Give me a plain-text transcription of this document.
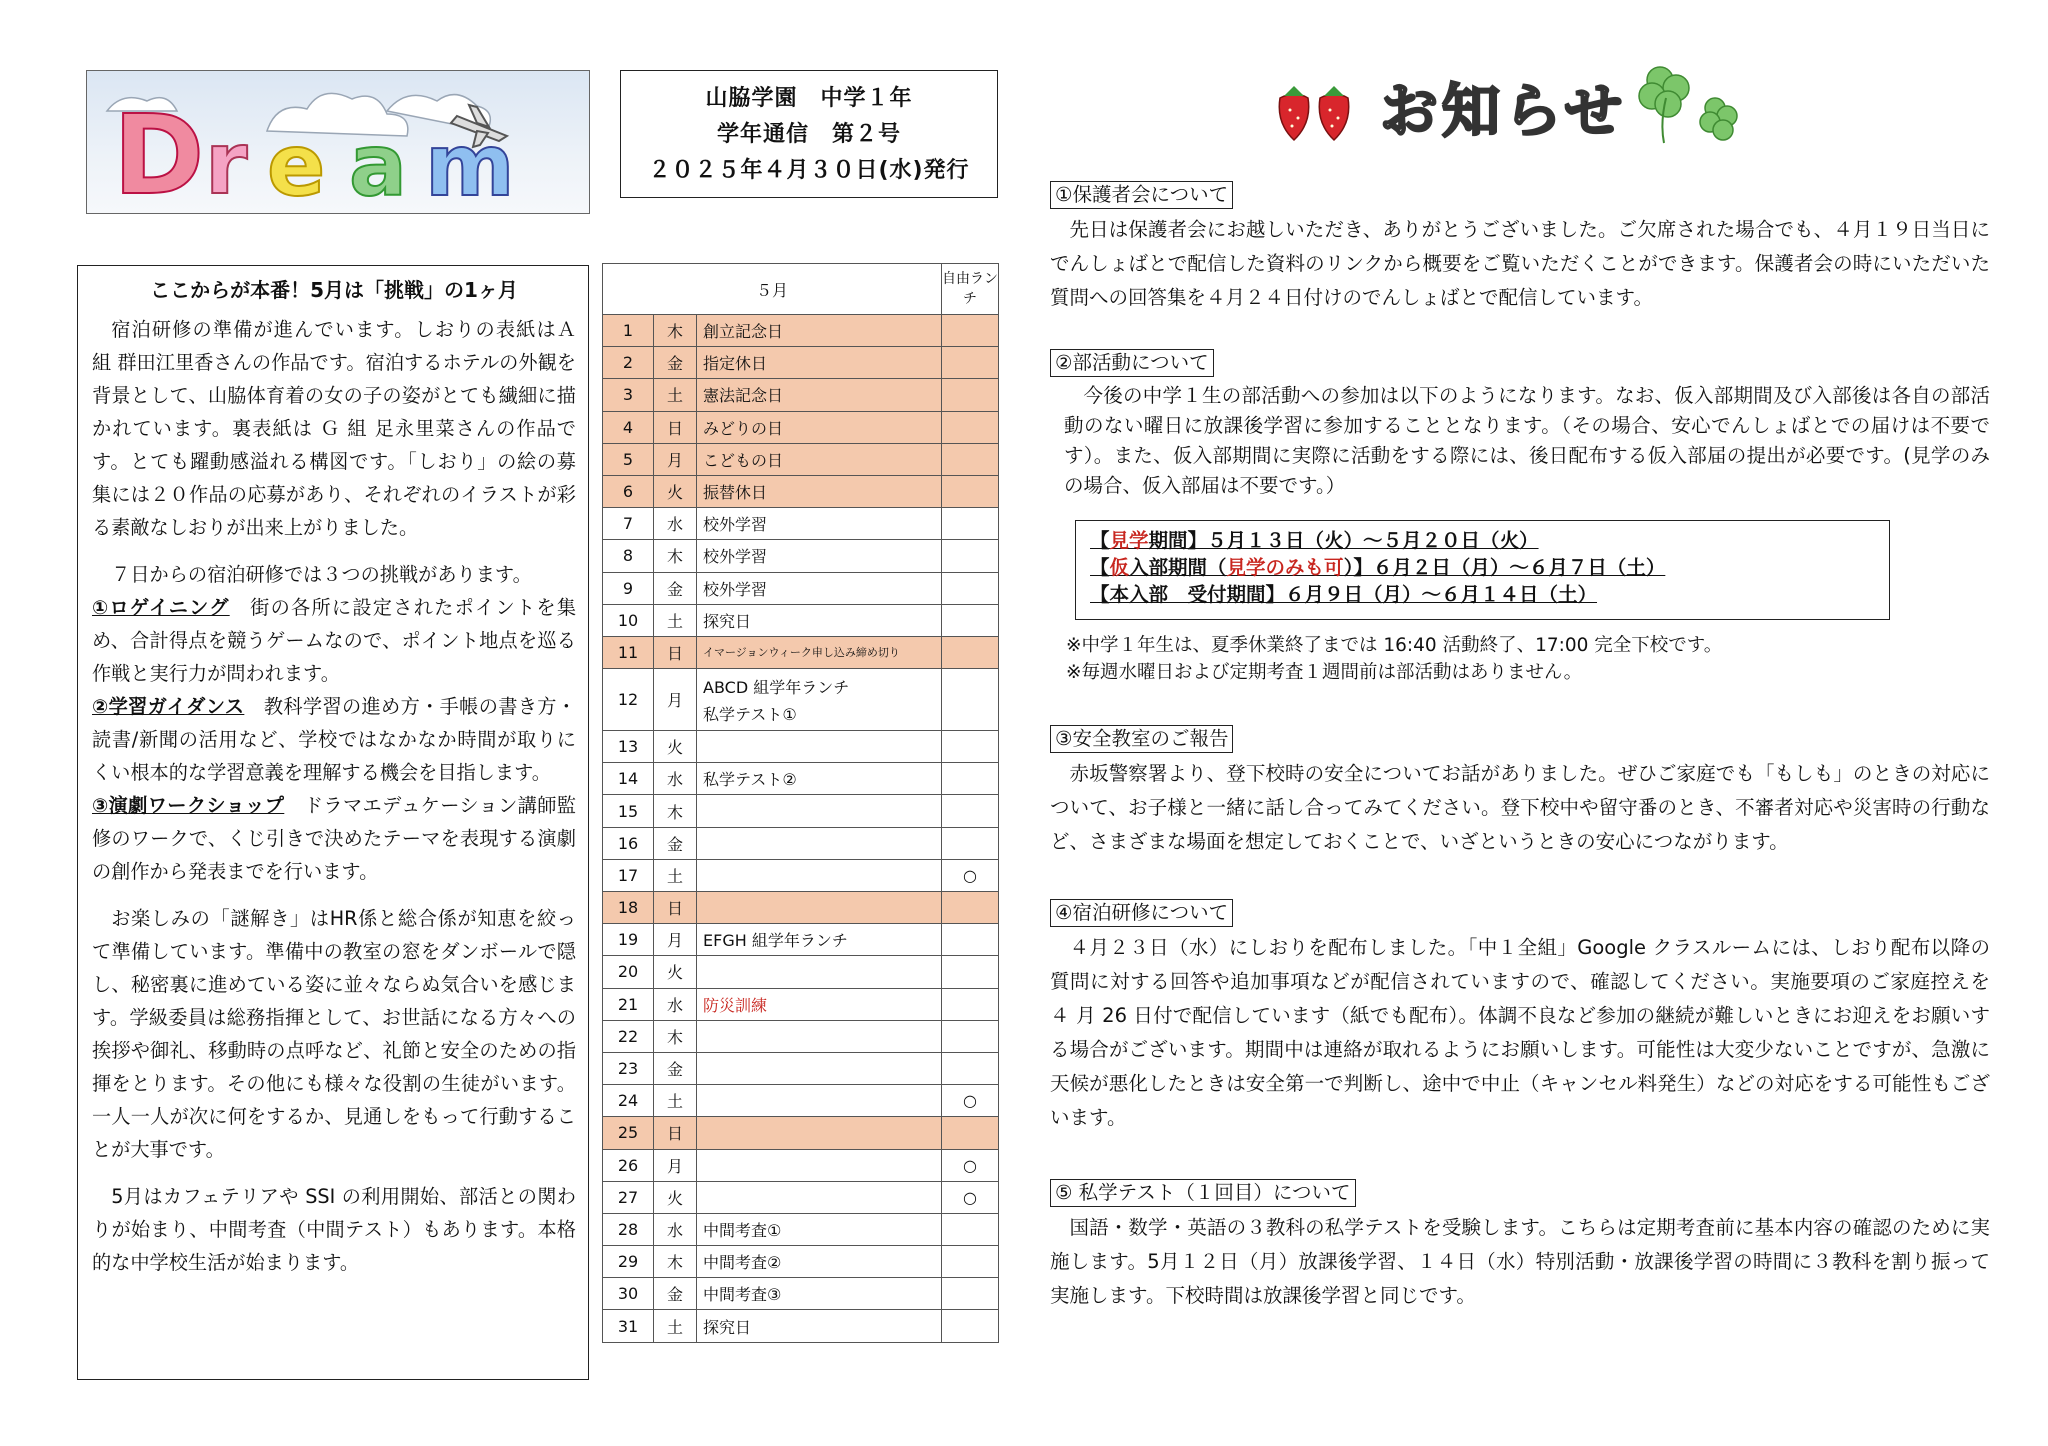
D r e a m
Dream
山脇学園　中学１年
学年通信　第２号
２０２５年４月３０日(水)発行
お知らせ
ここからが本番！5月は「挑戦」の1ヶ月

宿泊研修の準備が進んでいます。しおりの表紙はＡ 組 群田江里香さんの作品です。宿泊するホテルの外観を背景として、山脇体育着の女の子の姿がとても繊細に描かれています。裏表紙は Ｇ 組 足永里菜さんの作品です。とても躍動感溢れる構図です。「しおり」の絵の募集には２０作品の応募があり、それぞれのイラストが彩る素敵なしおりが出来上がりました。

７日からの宿泊研修では３つの挑戦があります。

①ロゲイニング　街の各所に設定されたポイントを集め、合計得点を競うゲームなので、ポイント地点を巡る作戦と実行力が問われます。
②学習ガイダンス　教科学習の進め方・手帳の書き方・読書/新聞の活用など、学校ではなかなか時間が取りにくい根本的な学習意義を理解する機会を目指します。
③演劇ワークショップ　ドラマエデュケーション講師監修のワークで、くじ引きで決めたテーマを表現する演劇の創作から発表までを行います。

お楽しみの「謎解き」はHR係と総合係が知恵を絞って準備しています。準備中の教室の窓をダンボールで隠し、秘密裏に進めている姿に並々ならぬ気合いを感じます。学級委員は総務指揮として、お世話になる方々への挨拶や御礼、移動時の点呼など、礼節と安全のための指揮をとります。その他にも様々な役割の生徒がいます。一人一人が次に何をするか、見通しをもって行動することが大事です。

5月はカフェテリアや SSI の利用開始、部活との関わりが始まり、中間考査（中間テスト）もあります。本格的な中学校生活が始まります。

５月			自由ランチ
1	木	創立記念日	

2	金	指定休日	

3	土	憲法記念日	

4	日	みどりの日	

5	月	こどもの日	

6	火	振替休日	

7	水	校外学習	

8	木	校外学習	

9	金	校外学習	

10	土	探究日	

11	日	イマージョンウィーク申し込み締め切り	

12	月	ABCD 組学年ランチ
私学テスト①	

13	火	

14	水	私学テスト②	

15	木	

16	金	

17	土		○
18	日	

19	月	EFGH 組学年ランチ	

20	火	

21	水	防災訓練	

22	木	

23	金	

24	土		○
25	日	

26	月		○
27	火		○
28	水	中間考査①	

29	木	中間考査②	

30	金	中間考査③	

31	土	探究日	

①保護者会について
先日は保護者会にお越しいただき、ありがとうございました。ご欠席された場合でも、４月１９日当日にでんしょばとで配信した資料のリンクから概要をご覧いただくことができます。保護者会の時にいただいた質問への回答集を４月２４日付けのでんしょばとで配信しています。
②部活動について
今後の中学１生の部活動への参加は以下のようになります。なお、仮入部期間及び入部後は各自の部活動のない曜日に放課後学習に参加することとなります。（その場合、安心でんしょばとでの届けは不要です）。また、仮入部期間に実際に活動をする際には、後日配布する仮入部届の提出が必要です。(見学のみの場合、仮入部届は不要です。）
【見学期間】５月１３日（火）～５月２０日（火）
【仮入部期間（見学のみも可）】６月２日（月）～６月７日（土）
【本入部　受付期間】６月９日（月）～６月１４日（土）
※中学１年生は、夏季休業終了までは 16:40 活動終了、17:00 完全下校です。
※毎週水曜日および定期考査１週間前は部活動はありません。
③安全教室のご報告
赤坂警察署より、登下校時の安全についてお話がありました。ぜひご家庭でも「もしも」のときの対応について、お子様と一緒に話し合ってみてください。登下校中や留守番のとき、不審者対応や災害時の行動など、さまざまな場面を想定しておくことで、いざというときの安心につながります。
④宿泊研修について
４月２３日（水）にしおりを配布しました。「中１全組」Google クラスルームには、しおり配布以降の質問に対する回答や追加事項などが配信されていますので、確認してください。実施要項のご家庭控えを ４ 月 26 日付で配信しています（紙でも配布）。体調不良など参加の継続が難しいときにお迎えをお願いする場合がございます。期間中は連絡が取れるようにお願いします。可能性は大変少ないことですが、急激に天候が悪化したときは安全第一で判断し、途中で中止（キャンセル料発生）などの対応をする可能性もございます。
⑤ 私学テスト（１回目）について
国語・数学・英語の３教科の私学テストを受験します。こちらは定期考査前に基本内容の確認のために実施します。5月１２日（月）放課後学習、１４日（水）特別活動・放課後学習の時間に３教科を割り振って実施します。下校時間は放課後学習と同じです。
